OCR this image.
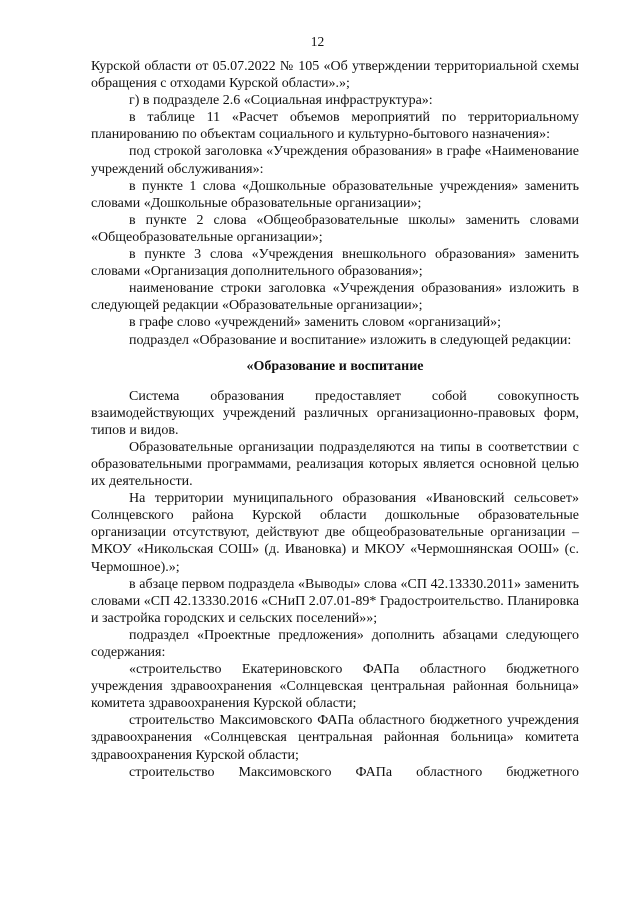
12

Курской области от 05.07.2022 № 105 «Об утверждении территориальной схемы обращения с отходами Курской области».»;

г) в подразделе 2.6 «Социальная инфраструктура»:

в таблице 11 «Расчет объемов мероприятий по территориальному планированию по объектам социального и культурно-бытового назначения»:

под строкой заголовка «Учреждения образования» в графе «Наименование учреждений обслуживания»:

в пункте 1 слова «Дошкольные образовательные учреждения» заменить словами «Дошкольные образовательные организации»;

в пункте 2 слова «Общеобразовательные школы» заменить словами «Общеобразовательные организации»;

в пункте 3 слова «Учреждения внешкольного образования» заменить словами «Организация дополнительного образования»;

наименование строки заголовка «Учреждения образования» изложить в следующей редакции «Образовательные организации»;

в графе слово «учреждений» заменить словом «организаций»;

подраздел «Образование и воспитание» изложить в следующей редакции:

«Образование и воспитание

Система образования предоставляет собой совокупность взаимодействующих учреждений различных организационно-правовых форм, типов и видов.

Образовательные организации подразделяются на типы в соответствии с образовательными программами, реализация которых является основной целью их деятельности.

На территории муниципального образования «Ивановский сельсовет» Солнцевского района Курской области дошкольные образовательные организации отсутствуют, действуют две общеобразовательные организации – МКОУ «Никольская СОШ» (д. Ивановка) и МКОУ «Чермошнянская ООШ» (с. Чермошное).»;

в абзаце первом подраздела «Выводы» слова «СП 42.13330.2011» заменить словами «СП 42.13330.2016 «СНиП 2.07.01-89* Градостроительство. Планировка и застройка городских и сельских поселений»»;

подраздел «Проектные предложения» дополнить абзацами следующего содержания:

«строительство Екатериновского ФАПа областного бюджетного учреждения здравоохранения «Солнцевская центральная районная больница» комитета здравоохранения Курской области;

строительство Максимовского ФАПа областного бюджетного учреждения здравоохранения «Солнцевская центральная районная больница» комитета здравоохранения Курской области;

строительство Максимовского ФАПа областного бюджетного
